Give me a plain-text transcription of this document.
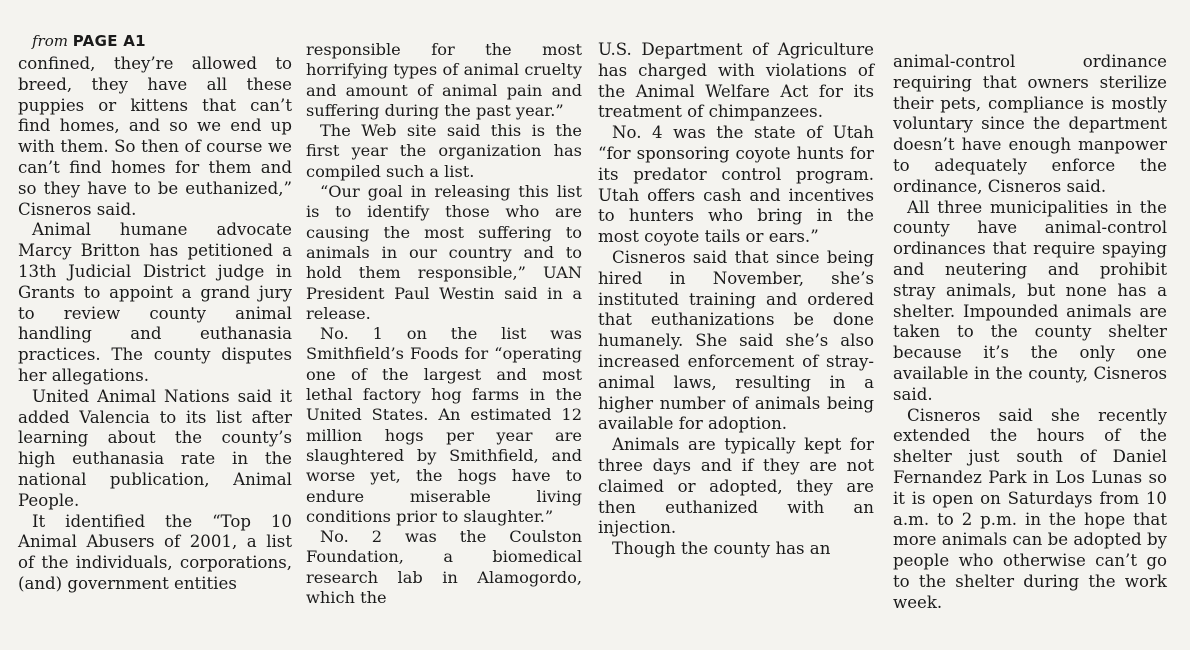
from PAGE A1

confined, they’re allowed to breed, they have all these puppies or kittens that can’t find homes, and so we end up with them. So then of course we can’t find homes for them and so they have to be euthanized,” Cisneros said.

Animal humane advocate Marcy Britton has petitioned a 13th Judicial District judge in Grants to appoint a grand jury to review county animal handling and euthanasia practices. The county disputes her allegations.

United Animal Nations said it added Valencia to its list after learning about the county’s high euthanasia rate in the national publication, Animal People.

It identified the “Top 10 Animal Abusers of 2001, a list of the individuals, corporations, (and) government entities

responsible for the most horrifying types of animal cruelty and amount of animal pain and suffering during the past year.”

The Web site said this is the first year the organization has compiled such a list.

“Our goal in releasing this list is to identify those who are causing the most suffering to animals in our country and to hold them responsible,” UAN President Paul Westin said in a release.

No. 1 on the list was Smithfield’s Foods for “operating one of the largest and most lethal factory hog farms in the United States. An estimated 12 million hogs per year are slaughtered by Smithfield, and worse yet, the hogs have to endure miserable living conditions prior to slaughter.”

No. 2 was the Coulston Foundation, a biomedical research lab in Alamogordo, which the

U.S. Department of Agriculture has charged with violations of the Animal Welfare Act for its treatment of chimpanzees.

No. 4 was the state of Utah “for sponsoring coyote hunts for its predator control program. Utah offers cash and incentives to hunters who bring in the most coyote tails or ears.”

Cisneros said that since being hired in November, she’s instituted training and ordered that euthanizations be done humanely. She said she’s also increased enforcement of stray-animal laws, resulting in a higher number of animals being available for adoption.

Animals are typically kept for three days and if they are not claimed or adopted, they are then euthanized with an injection.

Though the county has an

animal-control ordinance requiring that owners sterilize their pets, compliance is mostly voluntary since the department doesn’t have enough manpower to adequately enforce the ordinance, Cisneros said.

All three municipalities in the county have animal-control ordinances that require spaying and neutering and prohibit stray animals, but none has a shelter. Impounded animals are taken to the county shelter because it’s the only one available in the county, Cisneros said.

Cisneros said she recently extended the hours of the shelter just south of Daniel Fernandez Park in Los Lunas so it is open on Saturdays from 10 a.m. to 2 p.m. in the hope that more animals can be adopted by people who otherwise can’t go to the shelter during the work week.
